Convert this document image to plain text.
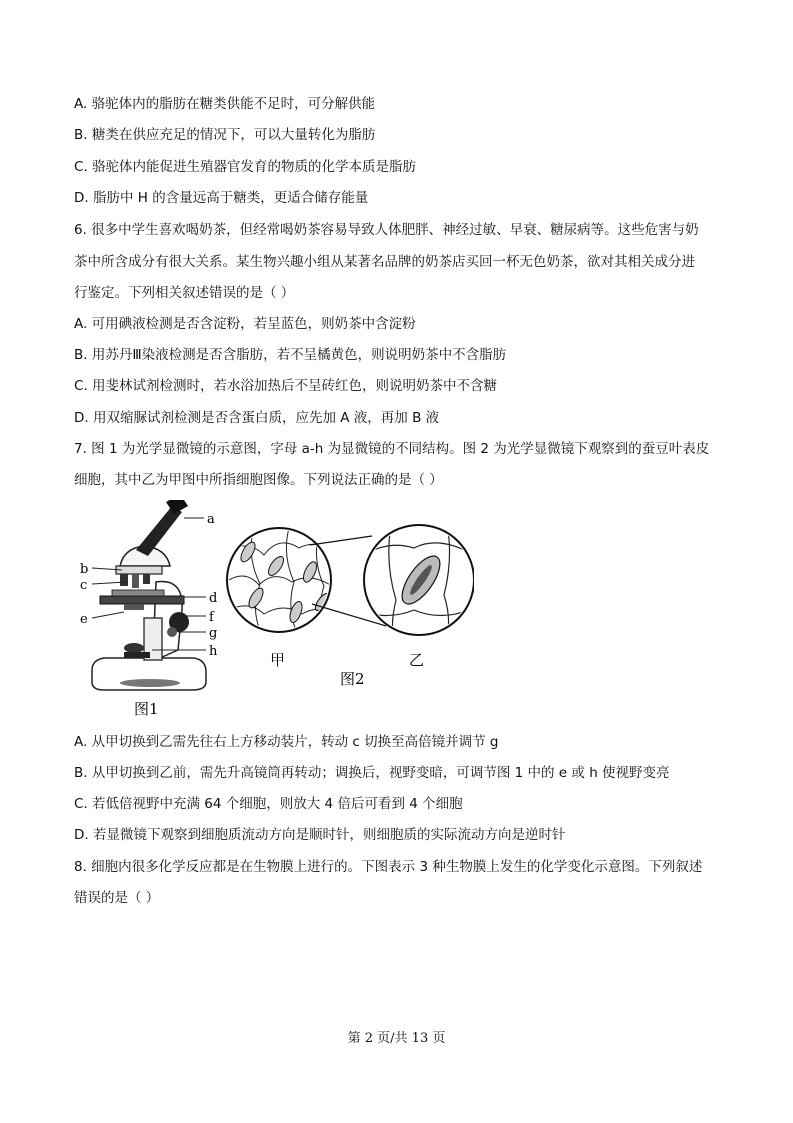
A. 骆驼体内的脂肪在糖类供能不足时，可分解供能
B. 糖类在供应充足的情况下，可以大量转化为脂肪
C. 骆驼体内能促进生殖器官发育的物质的化学本质是脂肪
D. 脂肪中 H 的含量远高于糖类，更适合储存能量
6. 很多中学生喜欢喝奶茶，但经常喝奶茶容易导致人体肥胖、神经过敏、早衰、糖尿病等。这些危害与奶
茶中所含成分有很大关系。某生物兴趣小组从某著名品牌的奶茶店买回一杯无色奶茶，欲对其相关成分进
行鉴定。下列相关叙述错误的是（ ）
A. 可用碘液检测是否含淀粉，若呈蓝色，则奶茶中含淀粉
B. 用苏丹Ⅲ染液检测是否含脂肪，若不呈橘黄色，则说明奶茶中不含脂肪
C. 用斐林试剂检测时，若水浴加热后不呈砖红色，则说明奶茶中不含糖
D. 用双缩脲试剂检测是否含蛋白质，应先加 A 液，再加 B 液
7. 图 1 为光学显微镜的示意图，字母 a-h 为显微镜的不同结构。图 2 为光学显微镜下观察到的蚕豆叶表皮
细胞，其中乙为甲图中所指细胞图像。下列说法正确的是（ ）
a
b
c
d
e	f
g
h
图1
甲	乙
图2
A. 从甲切换到乙需先往右上方移动装片，转动 c 切换至高倍镜并调节 g
B. 从甲切换到乙前，需先升高镜筒再转动；调换后，视野变暗，可调节图 1 中的 e 或 h 使视野变亮
C. 若低倍视野中充满 64 个细胞，则放大 4 倍后可看到 4 个细胞
D. 若显微镜下观察到细胞质流动方向是顺时针，则细胞质的实际流动方向是逆时针
8. 细胞内很多化学反应都是在生物膜上进行的。下图表示 3 种生物膜上发生的化学变化示意图。下列叙述
错误的是（ ）
第 2 页/共 13 页
